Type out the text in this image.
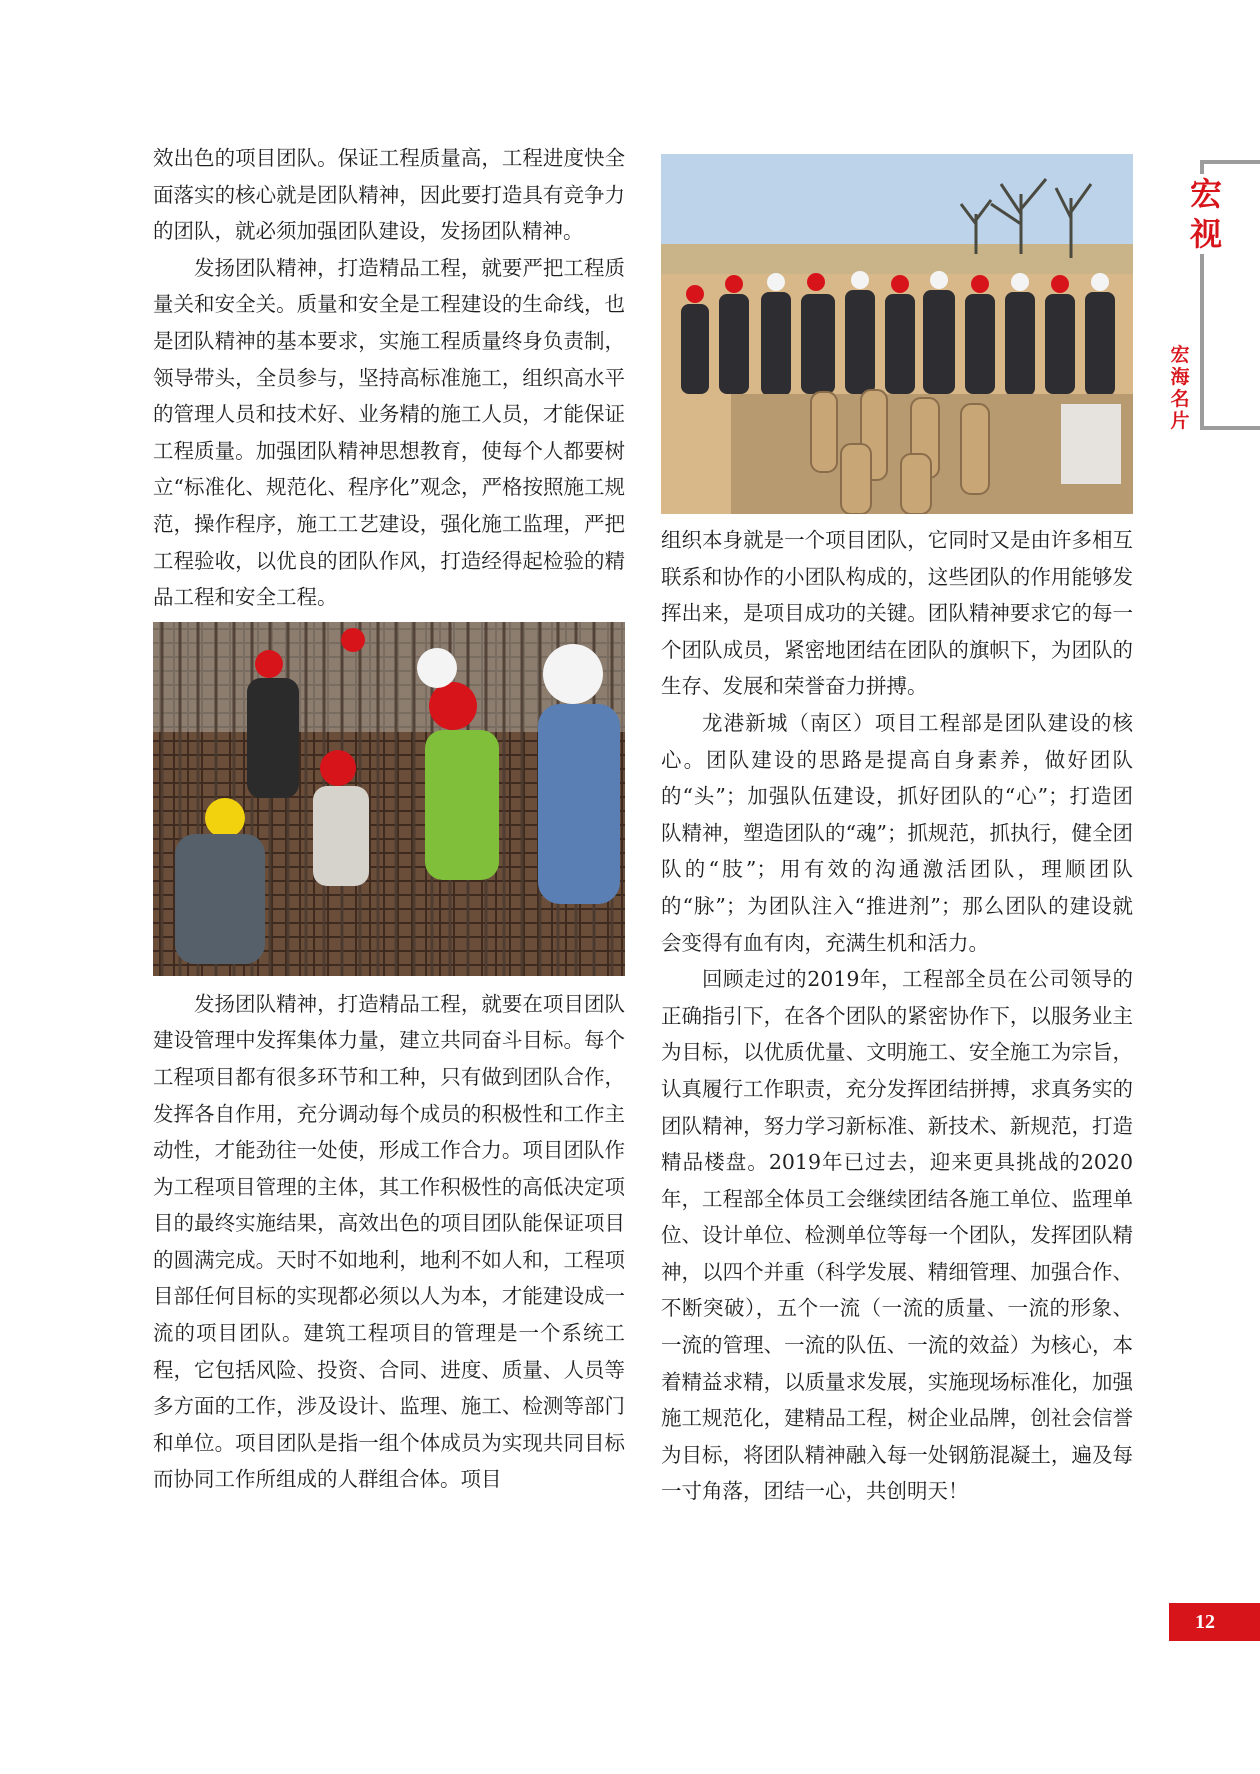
宏
视
宏
海
名
片

效出色的项目团队。保证工程质量高，工程进度快全面落实的核心就是团队精神，因此要打造具有竞争力的团队，就必须加强团队建设，发扬团队精神。

发扬团队精神，打造精品工程，就要严把工程质量关和安全关。质量和安全是工程建设的生命线，也是团队精神的基本要求，实施工程质量终身负责制，领导带头，全员参与，坚持高标准施工，组织高水平的管理人员和技术好、业务精的施工人员，才能保证工程质量。加强团队精神思想教育，使每个人都要树立“标准化、规范化、程序化”观念，严格按照施工规范，操作程序，施工工艺建设，强化施工监理，严把工程验收，以优良的团队作风，打造经得起检验的精品工程和安全工程。

发扬团队精神，打造精品工程，就要在项目团队建设管理中发挥集体力量，建立共同奋斗目标。每个工程项目都有很多环节和工种，只有做到团队合作，发挥各自作用，充分调动每个成员的积极性和工作主动性，才能劲往一处使，形成工作合力。项目团队作为工程项目管理的主体，其工作积极性的高低决定项目的最终实施结果，高效出色的项目团队能保证项目的圆满完成。天时不如地利，地利不如人和，工程项目部任何目标的实现都必须以人为本，才能建设成一流的项目团队。建筑工程项目的管理是一个系统工程，它包括风险、投资、合同、进度、质量、人员等多方面的工作，涉及设计、监理、施工、检测等部门和单位。项目团队是指一组个体成员为实现共同目标而协同工作所组成的人群组合体。项目

组织本身就是一个项目团队，它同时又是由许多相互联系和协作的小团队构成的，这些团队的作用能够发挥出来，是项目成功的关键。团队精神要求它的每一个团队成员，紧密地团结在团队的旗帜下，为团队的生存、发展和荣誉奋力拼搏。

龙港新城（南区）项目工程部是团队建设的核心。团队建设的思路是提高自身素养，做好团队的“头”；加强队伍建设，抓好团队的“心”；打造团队精神，塑造团队的“魂”；抓规范，抓执行，健全团队的“肢”；用有效的沟通激活团队，理顺团队的“脉”；为团队注入“推进剂”；那么团队的建设就会变得有血有肉，充满生机和活力。

回顾走过的2019年，工程部全员在公司领导的正确指引下，在各个团队的紧密协作下，以服务业主为目标，以优质优量、文明施工、安全施工为宗旨，认真履行工作职责，充分发挥团结拼搏，求真务实的团队精神，努力学习新标准、新技术、新规范，打造精品楼盘。2019年已过去，迎来更具挑战的2020年，工程部全体员工会继续团结各施工单位、监理单位、设计单位、检测单位等每一个团队，发挥团队精神，以四个并重（科学发展、精细管理、加强合作、不断突破），五个一流（一流的质量、一流的形象、一流的管理、一流的队伍、一流的效益）为核心，本着精益求精，以质量求发展，实施现场标准化，加强施工规范化，建精品工程，树企业品牌，创社会信誉为目标，将团队精神融入每一处钢筋混凝土，遍及每一寸角落，团结一心，共创明天！

12
